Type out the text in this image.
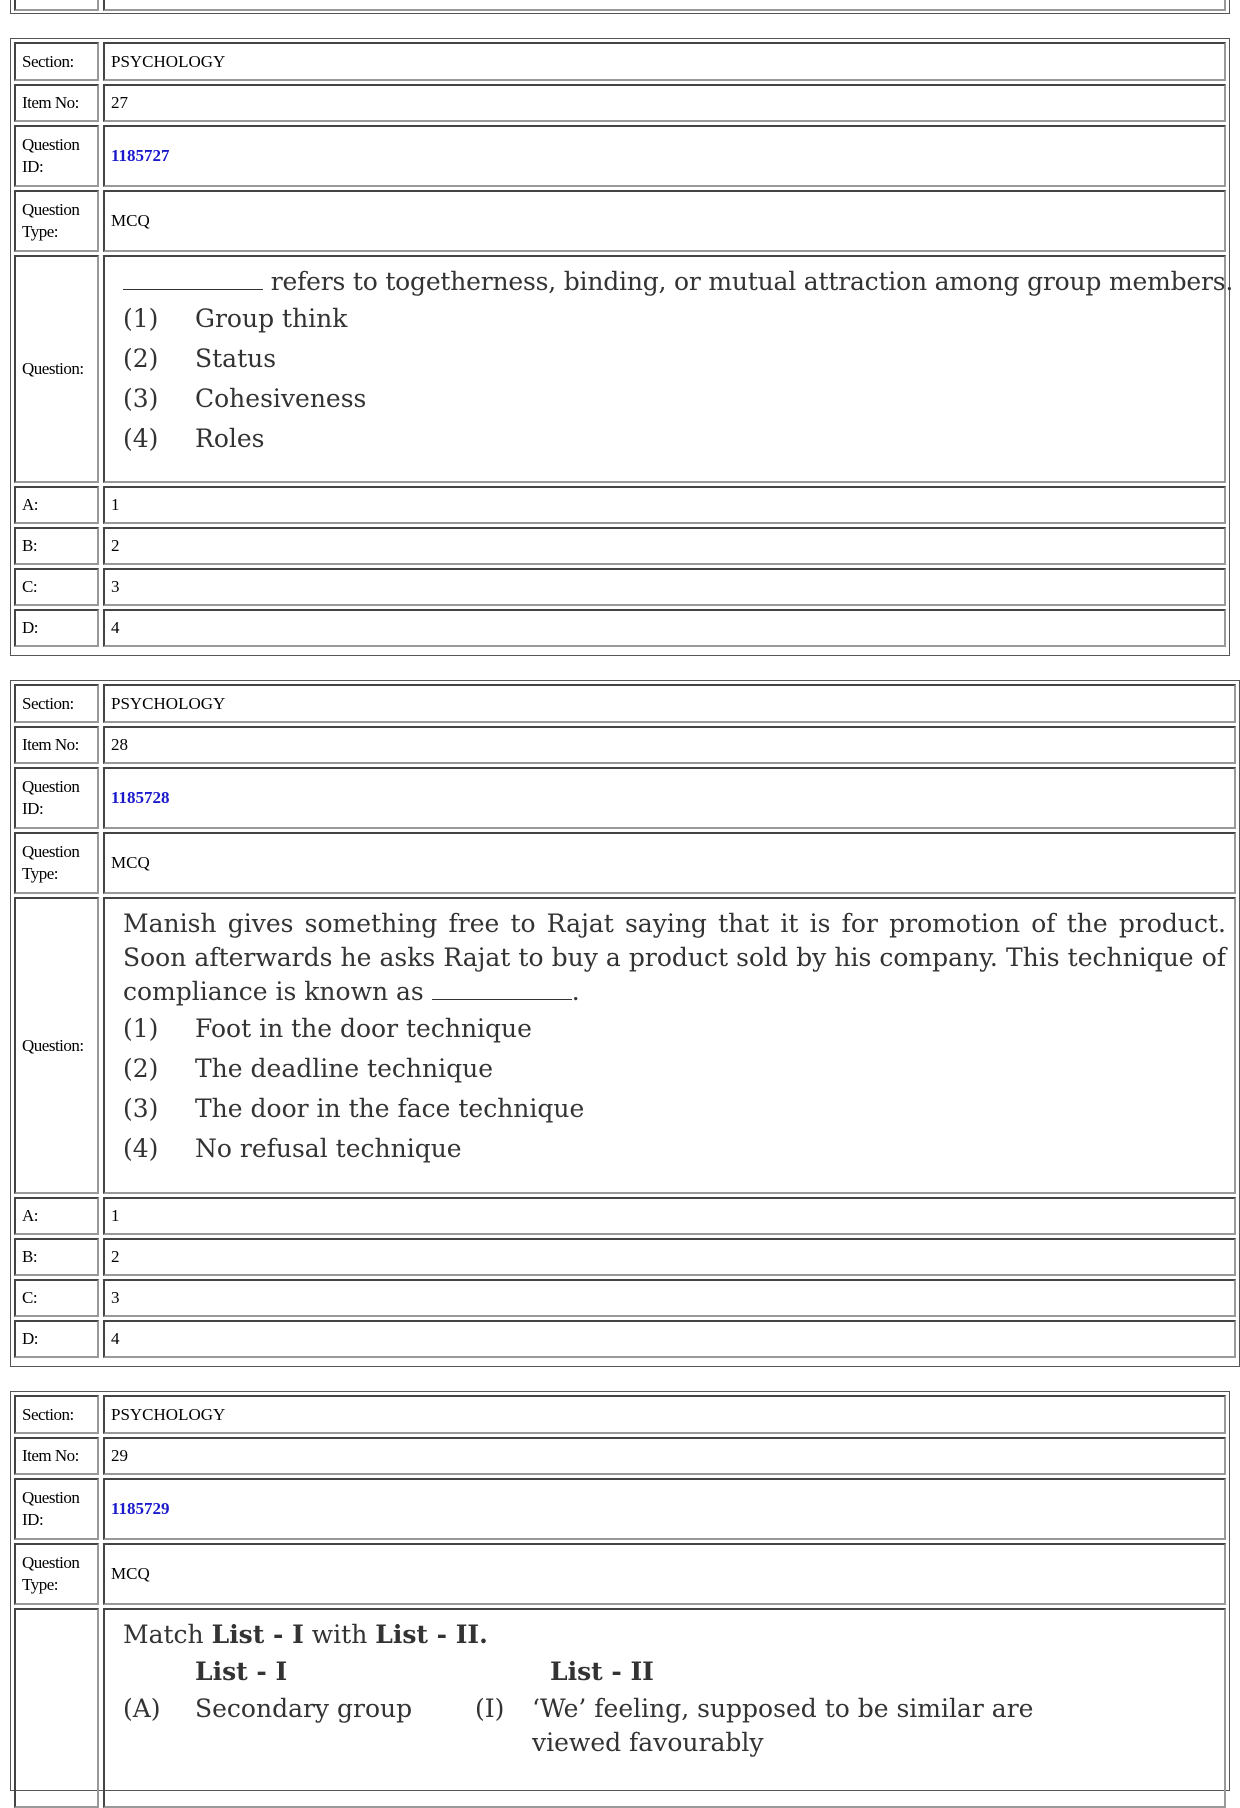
Section:	PSYCHOLOGY
Item No:	27
Question ID:
1185727
Question Type:
MCQ
Question:
refers to togetherness, binding, or mutual attraction among group members.
(1)	Group think
(2)	Status
(3)	Cohesiveness
(4)	Roles
A:	1
B:	2
C:	3
D:	4
Section:	PSYCHOLOGY
Item No:	28
Question ID:
1185728
Question Type:
MCQ
Question:
Manish gives something free to Rajat saying that it is for promotion of the product. Soon afterwards he asks Rajat to buy a product sold by his company. This technique of compliance is known as	.
(1)	Foot in the door technique
(2)	The deadline technique
(3)	The door in the face technique
(4)	No refusal technique
A:	1
B:	2
C:	3
D:	4
Section:	PSYCHOLOGY
Item No:	29
Question ID:
1185729
Question Type:
MCQ
Match List - I with List - II.
List - I	List - II
(A)	Secondary group	(I)	‘We’ feeling, supposed to be similar are viewed favourably
